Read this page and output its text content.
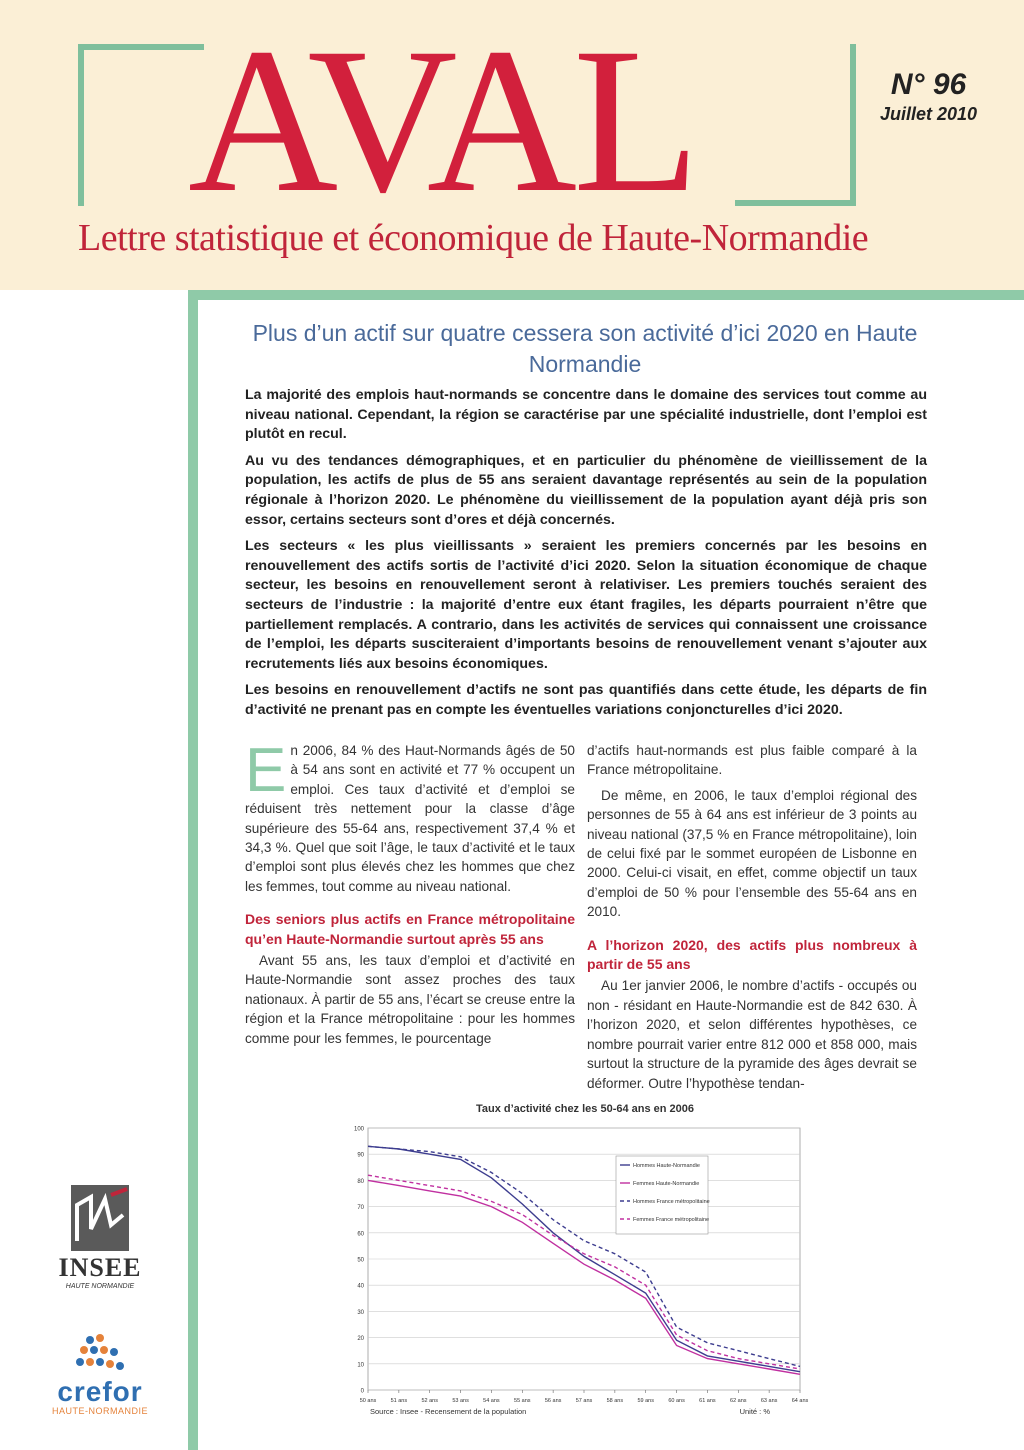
AVAL	N° 96
Juillet 2010
Lettre statistique et économique de Haute-Normandie
Plus d’un actif sur quatre cessera son activité d’ici 2020 en Haute Normandie

La majorité des emplois haut-normands se concentre dans le domaine des services tout comme au niveau national. Cependant, la région se caractérise par une spécialité industrielle, dont l’emploi est plutôt en recul.

Au vu des tendances démographiques, et en particulier du phénomène de vieillissement de la population, les actifs de plus de 55 ans seraient davantage représentés au sein de la population régionale à l’horizon 2020. Le phénomène du vieillissement de la population ayant déjà pris son essor, certains secteurs sont d’ores et déjà concernés.

Les secteurs « les plus vieillissants » seraient les premiers concernés par les besoins en renouvellement des actifs sortis de l’activité d’ici 2020. Selon la situation économique de chaque secteur, les besoins en renouvellement seront à relativiser. Les premiers touchés seraient des secteurs de l’industrie : la majorité d’entre eux étant fragiles, les départs pourraient n’être que partiellement remplacés. A contrario, dans les activités de services qui connaissent une croissance de l’emploi, les départs susciteraient d’importants besoins de renouvellement venant s’ajouter aux recrutements liés aux besoins économiques.

Les besoins en renouvellement d’actifs ne sont pas quantifiés dans cette étude, les départs de fin d’activité ne prenant pas en compte les éventuelles variations conjoncturelles d’ici 2020.

En 2006, 84 % des Haut-Normands âgés de 50 à 54 ans sont en activité et 77 % occupent un emploi. Ces taux d’activité et d’emploi se réduisent très nettement pour la classe d’âge supérieure des 55-64 ans, respectivement 37,4 % et 34,3 %. Quel que soit l’âge, le taux d’activité et le taux d’emploi sont plus élevés chez les hommes que chez les femmes, tout comme au niveau national.

Des seniors plus actifs en France métropolitaine qu’en Haute-Normandie surtout après 55 ans

Avant 55 ans, les taux d’emploi et d’activité en Haute-Normandie sont assez proches des taux nationaux. À partir de 55 ans, l’écart se creuse entre la région et la France métropolitaine : pour les hommes comme pour les femmes, le pourcentage

d’actifs haut-normands est plus faible comparé à la France métropolitaine.

De même, en 2006, le taux d’emploi régional des personnes de 55 à 64 ans est inférieur de 3 points au niveau national (37,5 % en France métropolitaine), loin de celui fixé par le sommet européen de Lisbonne en 2000. Celui-ci visait, en effet, comme objectif un taux d’emploi de 50 % pour l’ensemble des 55-64 ans en 2010.

A l’horizon 2020, des actifs plus nombreux à partir de 55 ans

Au 1er janvier 2006, le nombre d’actifs - occupés ou non - résidant en Haute-Normandie est de 842 630. À l’horizon 2020, et selon différentes hypothèses, ce nombre pourrait varier entre 812 000 et 858 000, mais surtout la structure de la pyramide des âges devrait se déformer. Outre l’hypothèse tendan-

Taux d’activité chez les 50-64 ans en 2006
0
10
20
30
40
50
60
70
80
90
100
50 ans	51 ans	52 ans	53 ans	54 ans	55 ans	56 ans	57 ans	58 ans	59 ans	60 ans	61 ans	62 ans	63 ans	64 ans
Hommes Haute-Normandie
Femmes Haute-Normandie
Hommes France métropolitaine
Femmes France métropolitaine
Source : Insee - Recensement de la population	Unité : %
INSEE
HAUTE NORMANDIE
crefor
HAUTE-NORMANDIE
